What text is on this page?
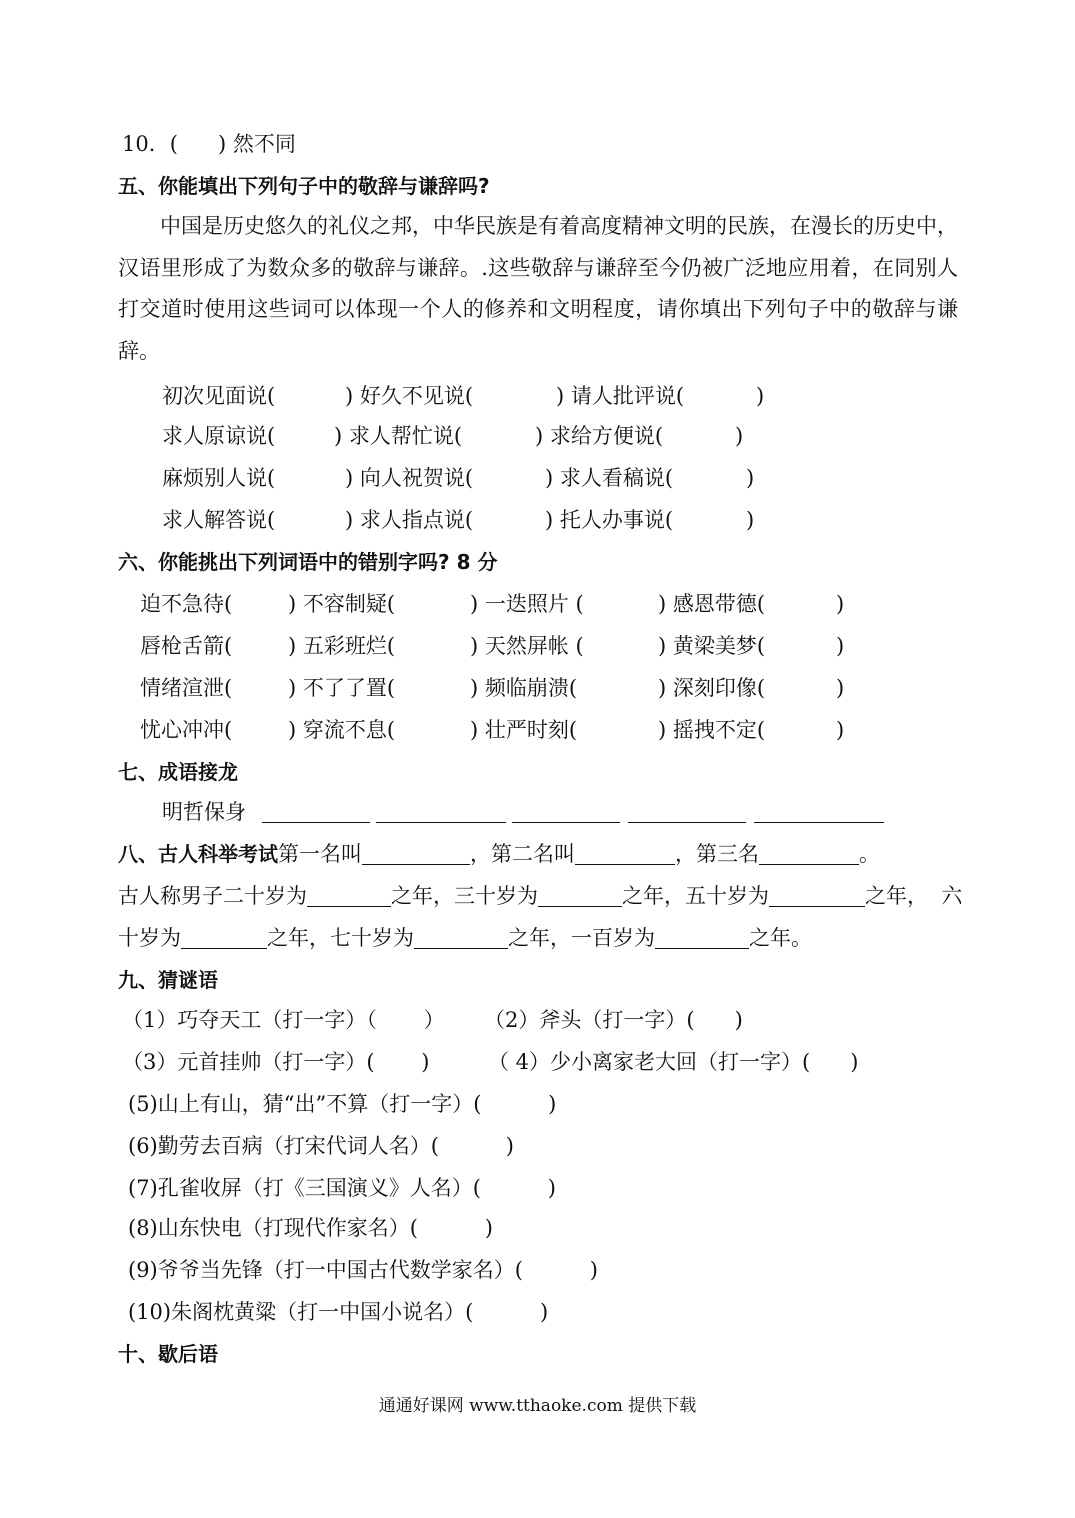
10．(      ) 然不同
五、你能填出下列句子中的敬辞与谦辞吗?
中国是历史悠久的礼仪之邦，中华民族是有着高度精神文明的民族，在漫长的历史中，汉语里形成了为数众多的敬辞与谦辞。.这些敬辞与谦辞至今仍被广泛地应用着，在同别人打交道时使用这些词可以体现一个人的修养和文明程度，请你填出下列句子中的敬辞与谦辞。
初次见面说(	) 好久不见说(	) 请人批评说(	)
求人原谅说(	) 求人帮忙说(	) 求给方便说(	)
麻烦别人说(	) 向人祝贺说(	) 求人看稿说(	)
求人解答说(	) 求人指点说(	) 托人办事说(	)
六、你能挑出下列词语中的错别字吗? 8 分
迫不急待(	) 不容制疑(	) 一迭照片 (	) 感恩带德(	)
唇枪舌箭(	) 五彩班烂(	) 天然屏帐 (	) 黄梁美梦(	)
情绪渲泄(	) 不了了置(	) 频临崩溃(	) 深刻印像(	)
忧心冲冲(	) 穿流不息(	) 壮严时刻(	) 摇拽不定(	)
七、成语接龙
明哲保身
八、古人科举考试第一名叫	，第二名叫	，第三名	。
古人称男子二十岁为	之年，三十岁为	之年，五十岁为	之年，  六
十岁为	之年，七十岁为	之年，一百岁为	之年。
九、猜谜语
（1）巧夺天工（打一字）（       ） （2）斧头（打一字）(      )
（3）元首挂帅（打一字）(       )	（ 4）少小离家老大回（打一字）(      )
(5)山上有山，猜“出”不算（打一字）(          )
(6)勤劳去百病（打宋代词人名）(          )
(7)孔雀收屏（打《三国演义》人名）(          )
(8)山东快电（打现代作家名）(          )
(9)爷爷当先锋（打一中国古代数学家名）(          )
(10)朱阁枕黄粱（打一中国小说名）(          )
十、歇后语
通通好课网 www.tthaoke.com 提供下载
